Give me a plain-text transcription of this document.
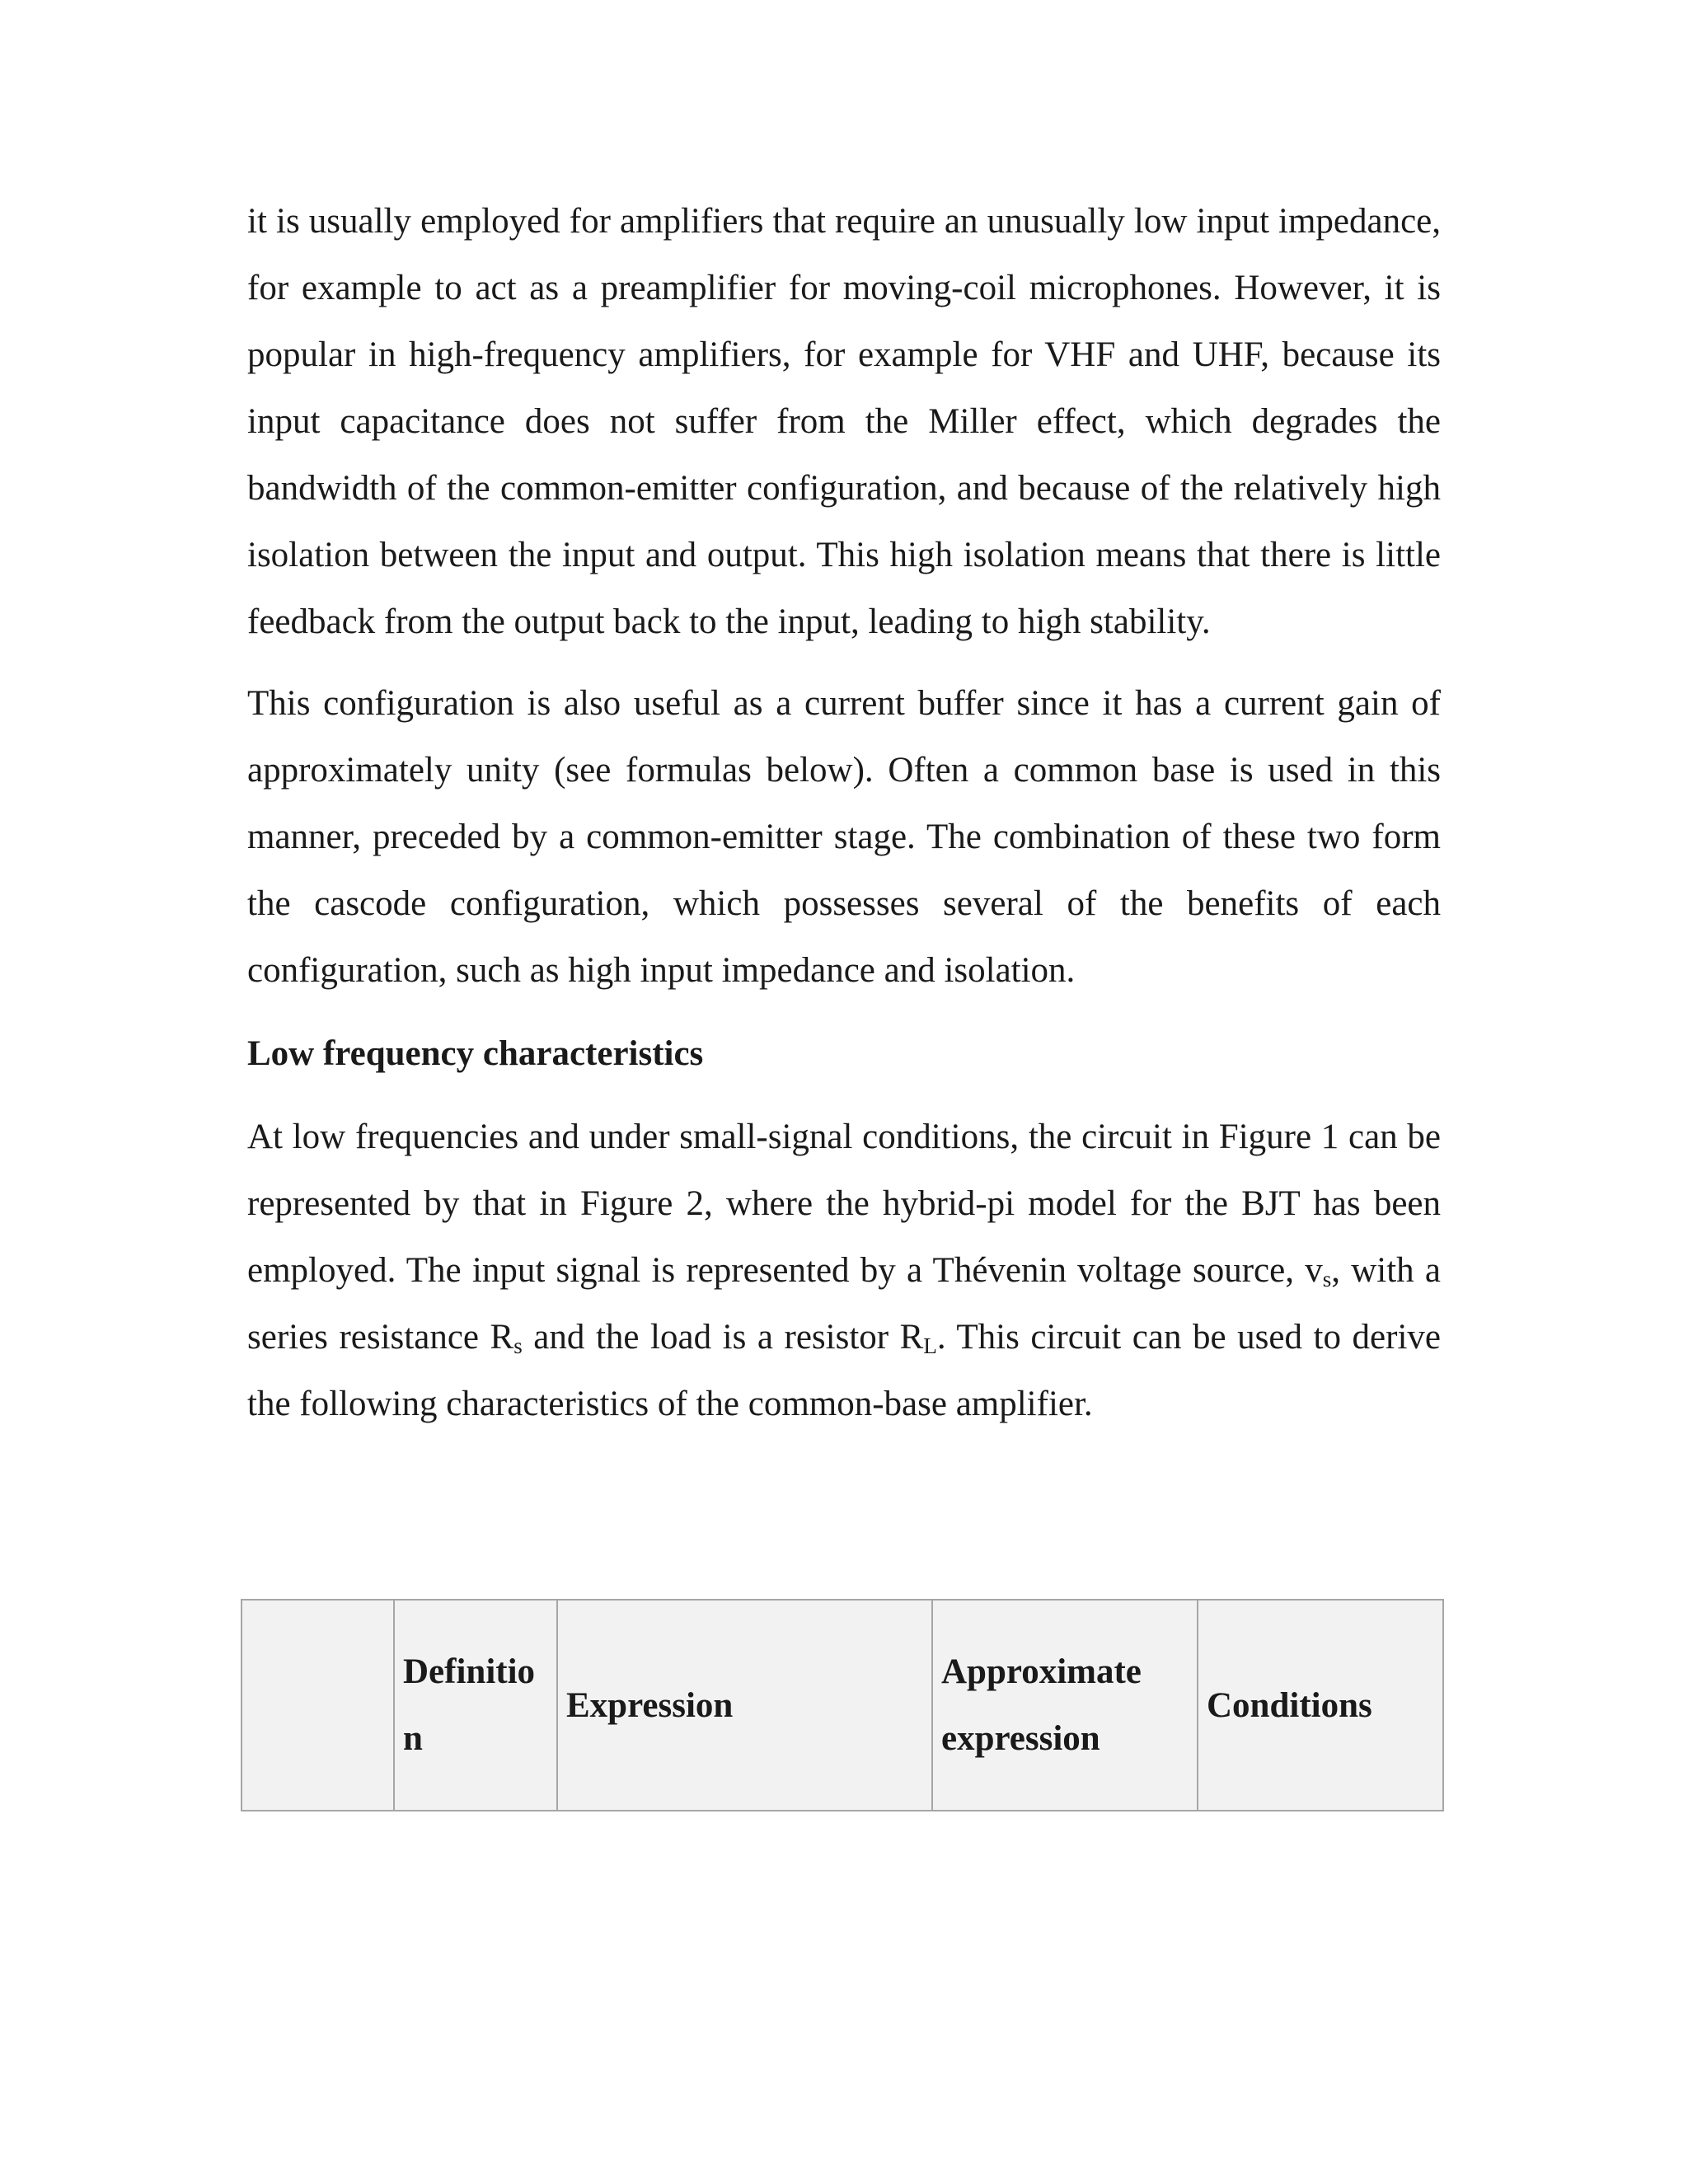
it is usually employed for amplifiers that require an unusually low input impedance, for example to act as a preamplifier for moving-coil microphones. However, it is popular in high-frequency amplifiers, for example for VHF and UHF, because its input capacitance does not suffer from the Miller effect, which degrades the bandwidth of the common-emitter configuration, and because of the relatively high isolation between the input and output. This high isolation means that there is little feedback from the output back to the input, leading to high stability.

This configuration is also useful as a current buffer since it has a current gain of approximately unity (see formulas below). Often a common base is used in this manner, preceded by a common-emitter stage. The combination of these two form the cascode configuration, which possesses several of the benefits of each configuration, such as high input impedance and isolation.

Low frequency characteristics

At low frequencies and under small-signal conditions, the circuit in Figure 1 can be represented by that in Figure 2, where the hybrid-pi model for the BJT has been employed. The input signal is represented by a Thévenin voltage source, $v_s$, with a series resistance $R_s$ and the load is a resistor $R_L$. This circuit can be used to derive the following characteristics of the common-base amplifier.

	Definitio n	Expression	Approximate expression	Conditions
